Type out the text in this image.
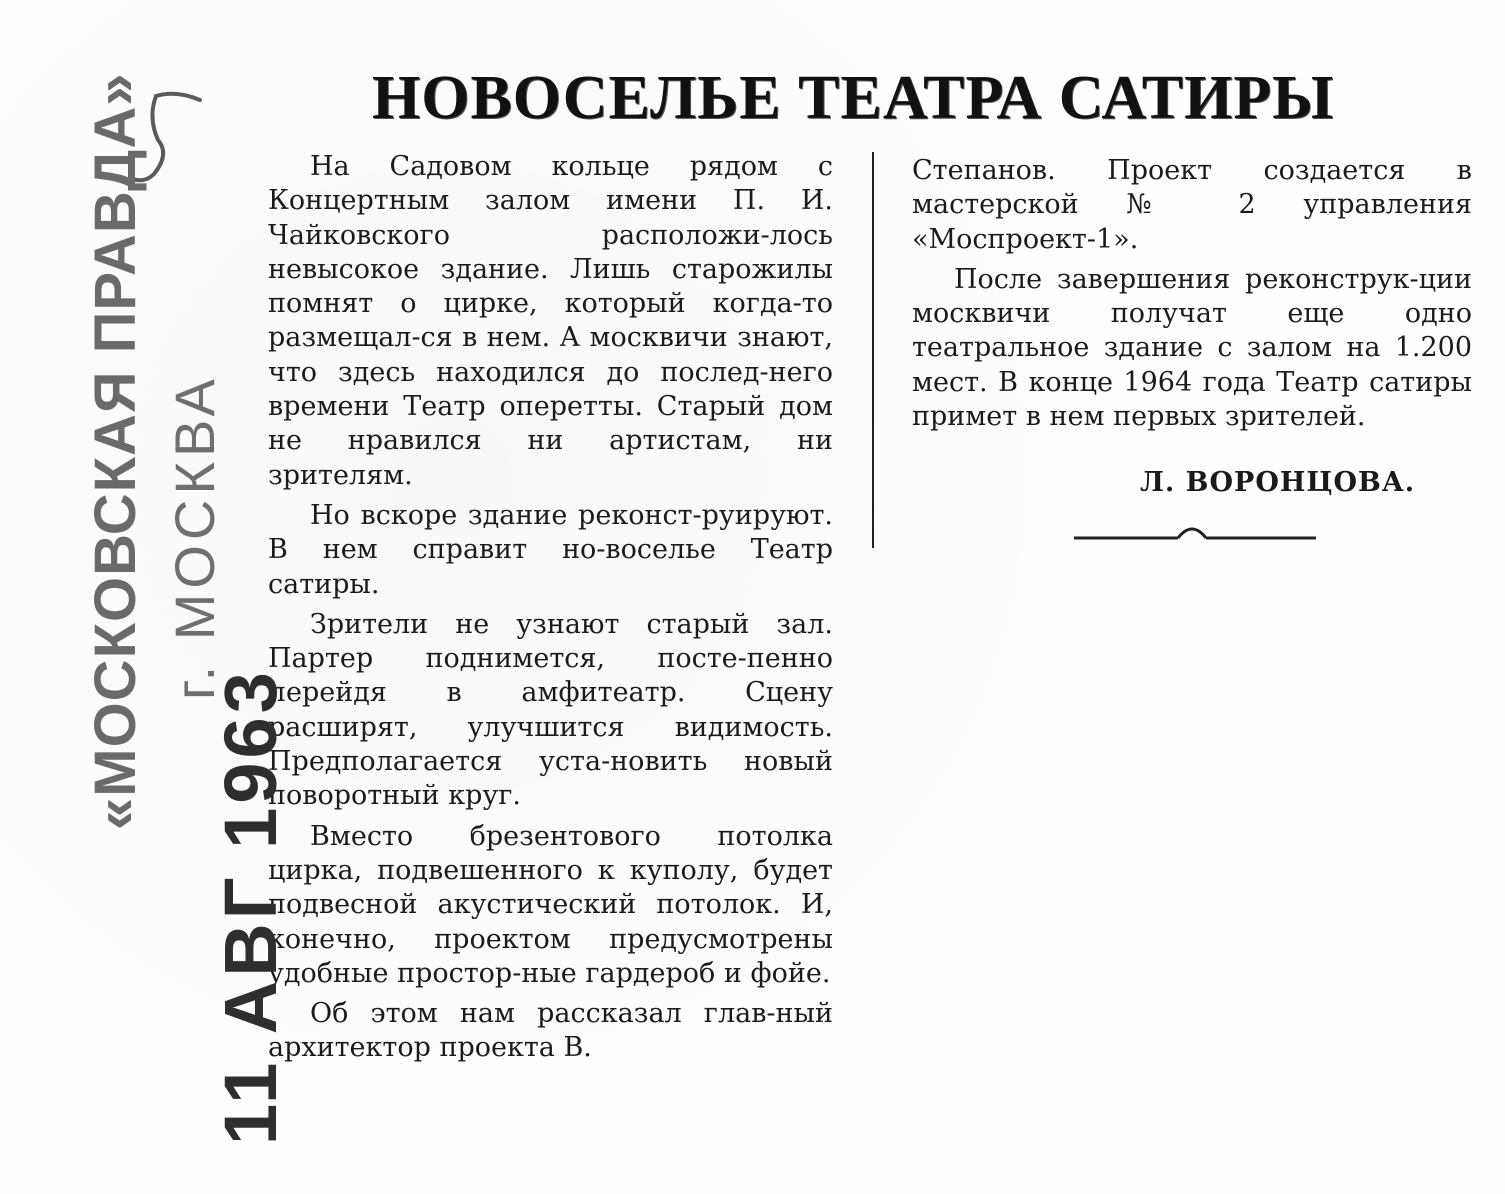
НОВОСЕЛЬЕ ТЕАТРА САТИРЫ

На Садовом кольце рядом с Концертным залом имени П. И. Чайковского расположи-лось невысокое здание. Лишь старожилы помнят о цирке, который когда-то размещал-ся в нем. А москвичи знают, что здесь находился до послед-него времени Театр оперетты. Старый дом не нравился ни артистам, ни зрителям.

Но вскоре здание реконст-руируют. В нем справит но-воселье Театр сатиры.

Зрители не узнают старый зал. Партер поднимется, посте-пенно перейдя в амфитеатр. Сцену расширят, улучшится видимость. Предполагается уста-новить новый поворотный круг.

Вместо брезентового потолка цирка, подвешенного к куполу, будет подвесной акустический потолок. И, конечно, проектом предусмотрены удобные простор-ные гардероб и фойе.

Об этом нам рассказал глав-ный архитектор проекта В.

Степанов. Проект создается в мастерской № 2 управления «Моспроект-1».

После завершения реконструк-ции москвичи получат еще одно театральное здание с залом на 1.200 мест. В конце 1964 года Театр сатиры примет в нем первых зрителей.

Л. ВОРОНЦОВА.
«МОСКОВСКАЯ ПРАВДА» г. МОСКВА
11 АВГ 1963
